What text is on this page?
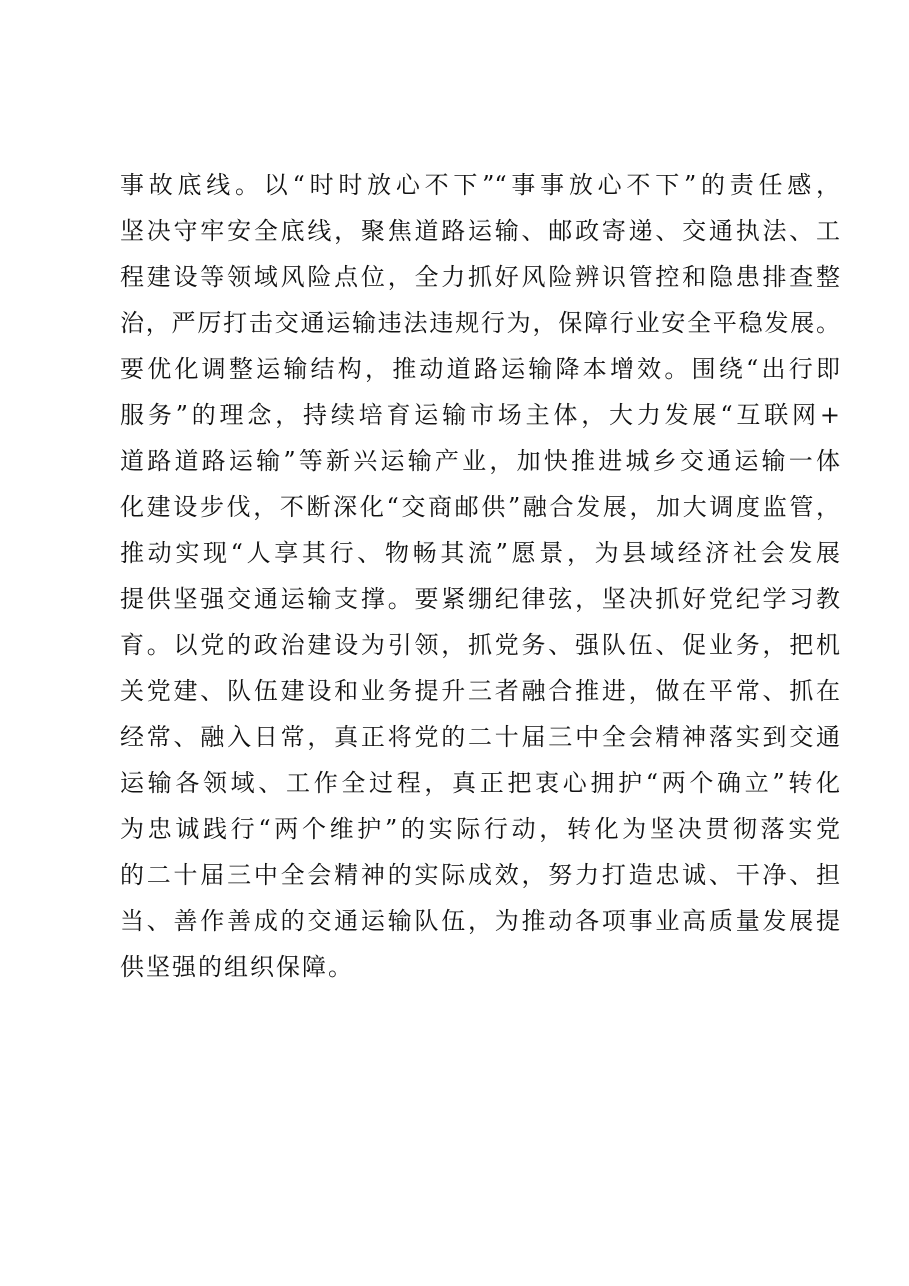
事故底线。以“时时放心不下”“事事放心不下”的责任感，
坚决守牢安全底线，聚焦道路运输、邮政寄递、交通执法、工
程建设等领域风险点位，全力抓好风险辨识管控和隐患排查整
治，严厉打击交通运输违法违规行为，保障行业安全平稳发展。
要优化调整运输结构，推动道路运输降本增效。围绕“出行即
服务”的理念，持续培育运输市场主体，大力发展“互联网+
道路道路运输”等新兴运输产业，加快推进城乡交通运输一体
化建设步伐，不断深化“交商邮供”融合发展，加大调度监管，
推动实现“人享其行、物畅其流”愿景，为县域经济社会发展
提供坚强交通运输支撑。要紧绷纪律弦，坚决抓好党纪学习教
育。以党的政治建设为引领，抓党务、强队伍、促业务，把机
关党建、队伍建设和业务提升三者融合推进，做在平常、抓在
经常、融入日常，真正将党的二十届三中全会精神落实到交通
运输各领域、工作全过程，真正把衷心拥护“两个确立”转化
为忠诚践行“两个维护”的实际行动，转化为坚决贯彻落实党
的二十届三中全会精神的实际成效，努力打造忠诚、干净、担
当、善作善成的交通运输队伍，为推动各项事业高质量发展提
供坚强的组织保障。
